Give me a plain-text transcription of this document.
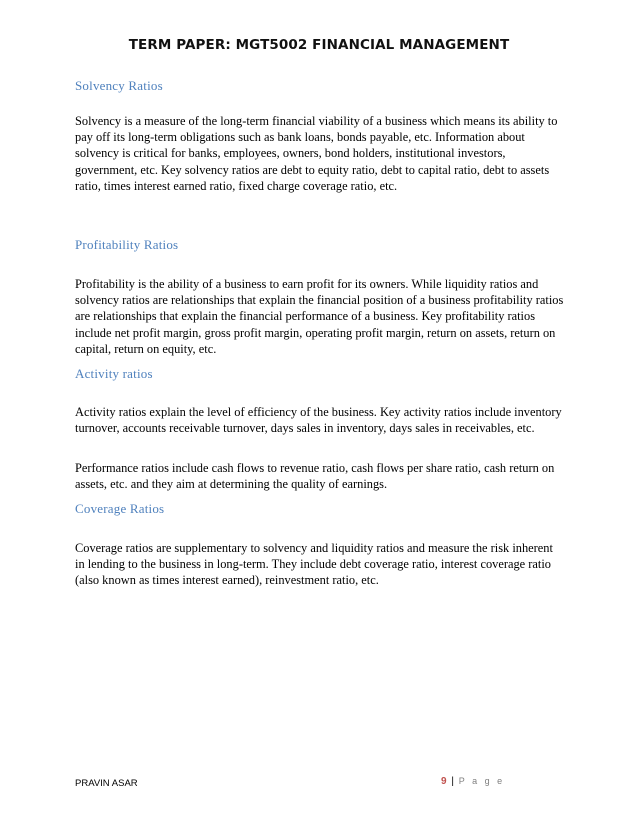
TERM PAPER: MGT5002 FINANCIAL MANAGEMENT
Solvency Ratios
Solvency is a measure of the long-term financial viability of a business which means its ability to pay off its long-term obligations such as bank loans, bonds payable, etc. Information about solvency is critical for banks, employees, owners, bond holders, institutional investors, government, etc. Key solvency ratios are debt to equity ratio, debt to capital ratio, debt to assets ratio, times interest earned ratio, fixed charge coverage ratio, etc.
Profitability Ratios
Profitability is the ability of a business to earn profit for its owners. While liquidity ratios and solvency ratios are relationships that explain the financial position of a business profitability ratios are relationships that explain the financial performance of a business. Key profitability ratios include net profit margin, gross profit margin, operating profit margin, return on assets, return on capital, return on equity, etc.
Activity ratios
Activity ratios explain the level of efficiency of the business. Key activity ratios include inventory turnover, accounts receivable turnover, days sales in inventory, days sales in receivables, etc.
Performance ratios include cash flows to revenue ratio, cash flows per share ratio, cash return on assets, etc. and they aim at determining the quality of earnings.
Coverage Ratios
Coverage ratios are supplementary to solvency and liquidity ratios and measure the risk inherent in lending to the business in long-term. They include debt coverage ratio, interest coverage ratio (also known as times interest earned), reinvestment ratio, etc.
PRAVIN ASAR	9 | P a g e
